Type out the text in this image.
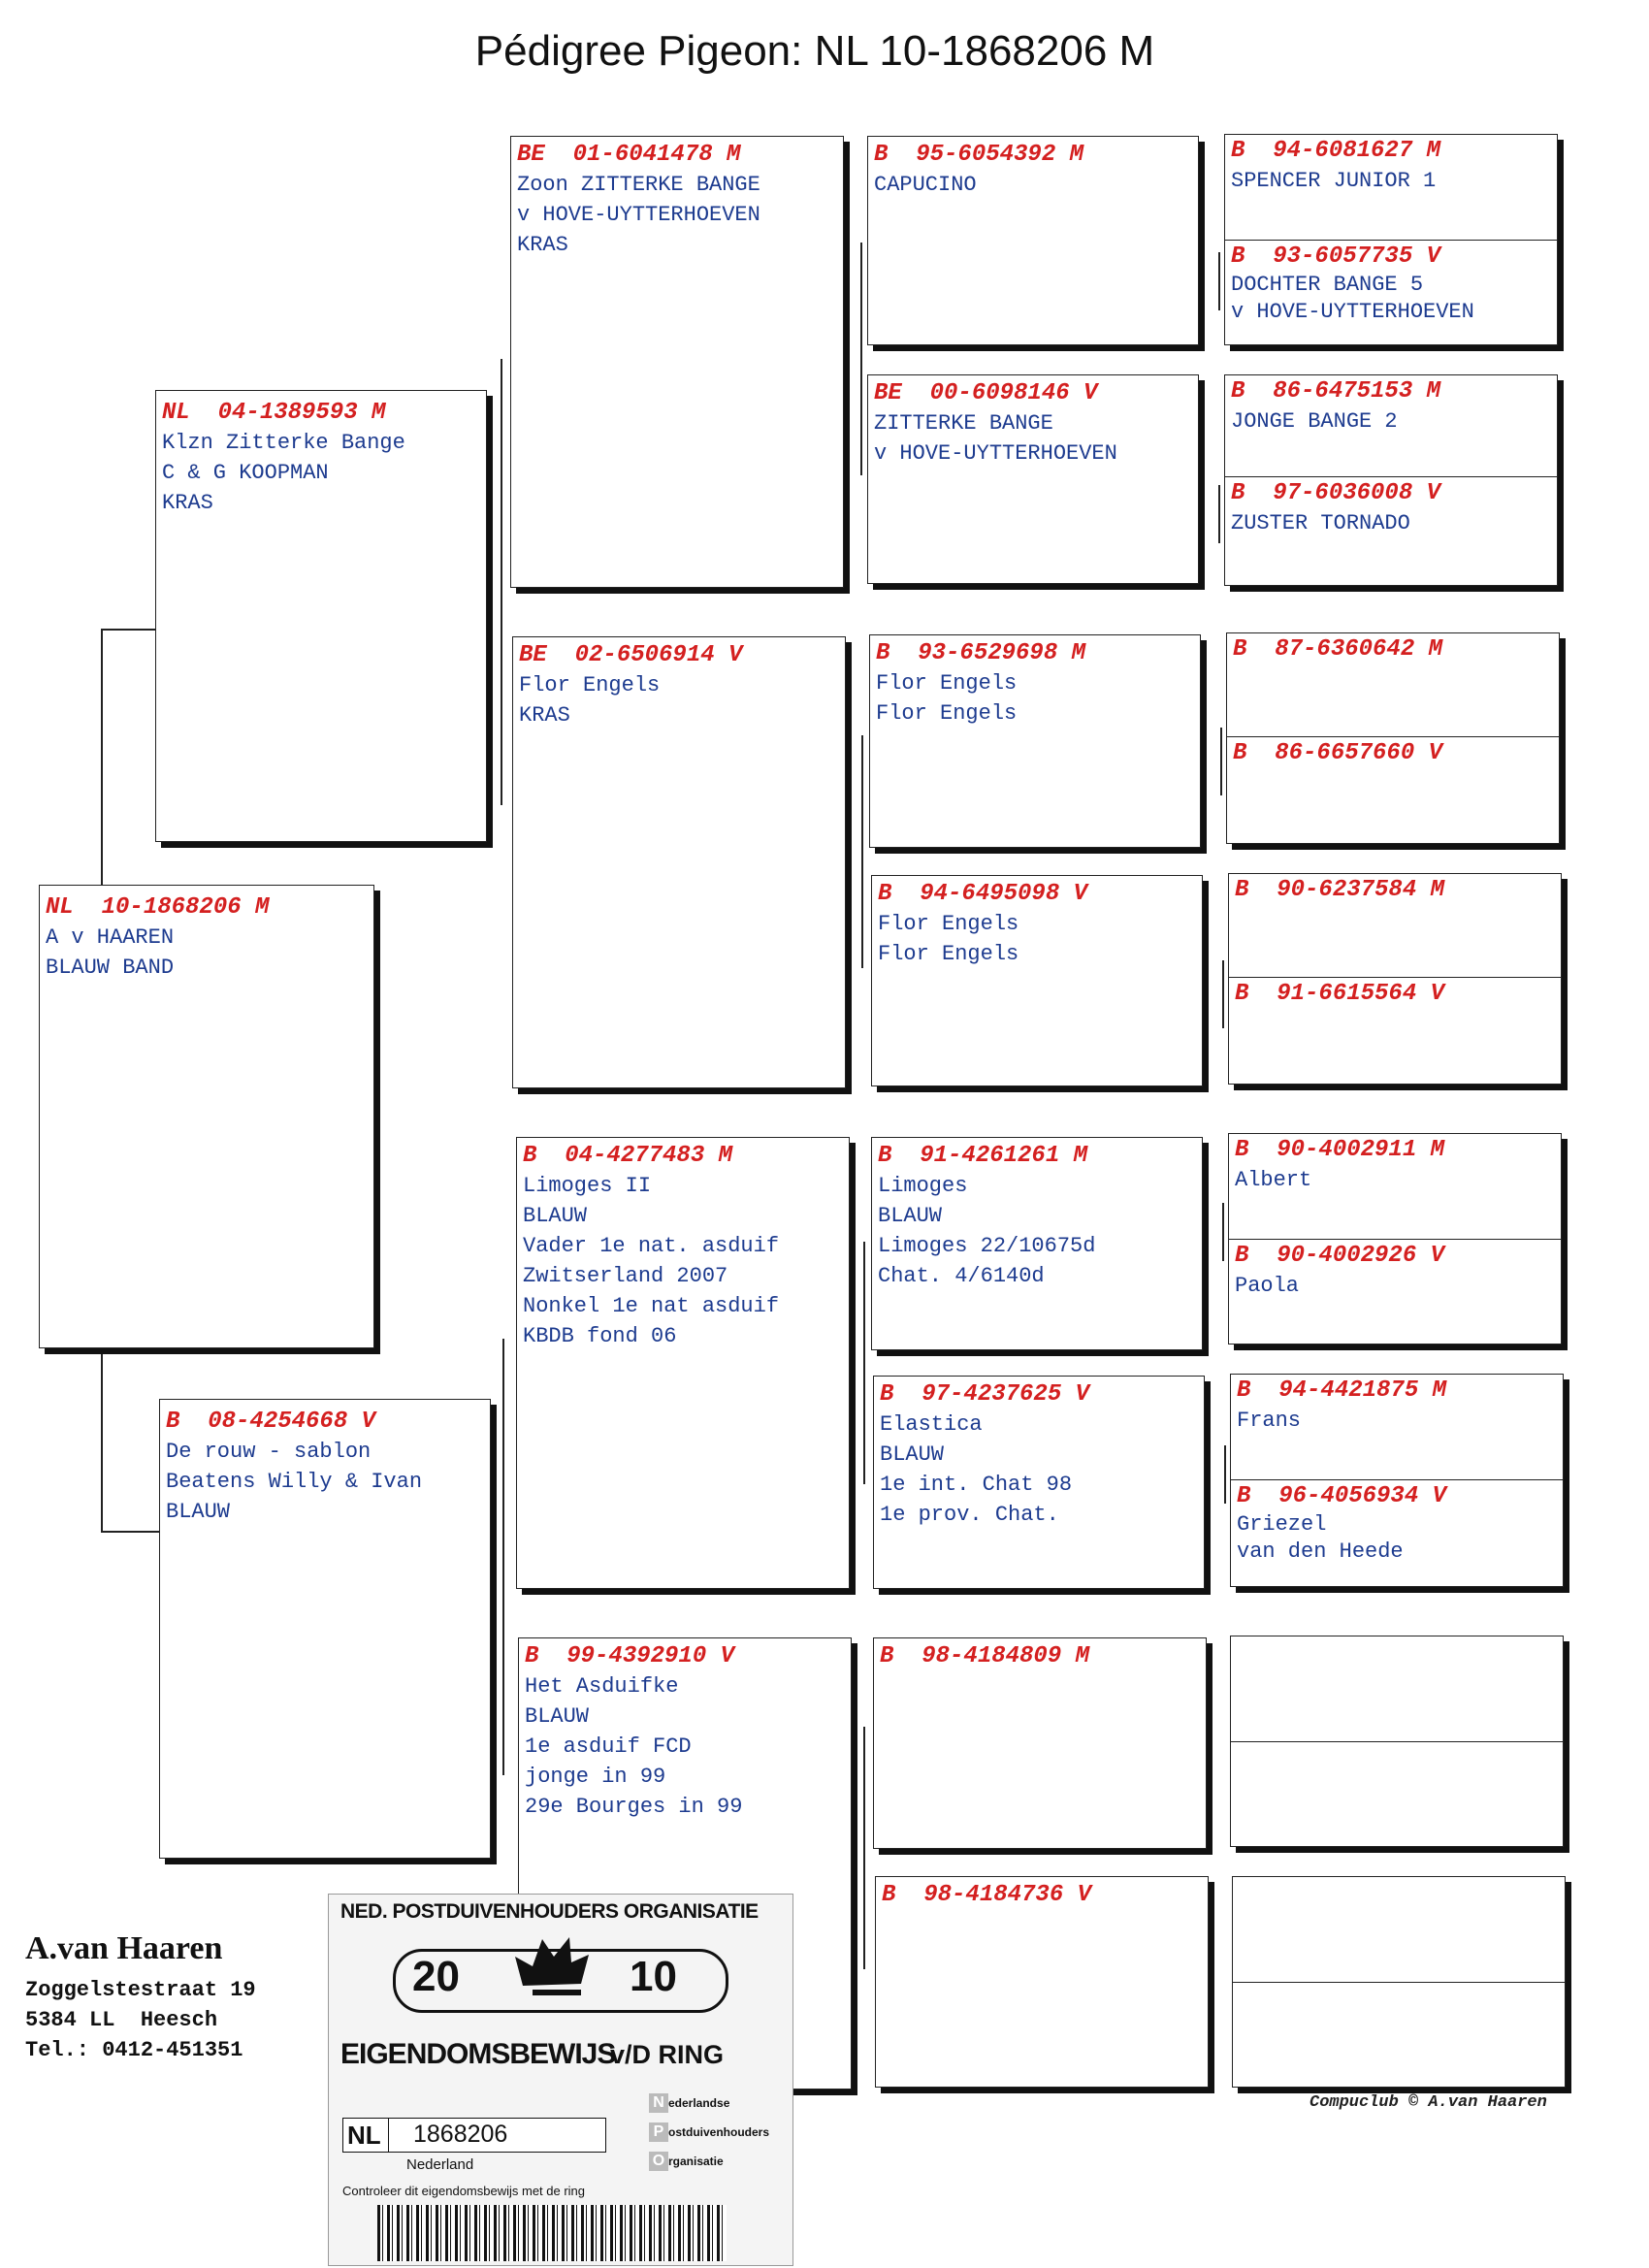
Pédigree Pigeon: NL 10-1868206 M
NL  10-1868206 M
A v HAAREN
BLAUW BAND
NL  04-1389593 M
Klzn Zitterke Bange
C & G KOOPMAN
KRAS
B  08-4254668 V
De rouw - sablon
Beatens Willy & Ivan
BLAUW
BE  01-6041478 M
Zoon ZITTERKE BANGE
v HOVE-UYTTERHOEVEN
KRAS
BE  02-6506914 V
Flor Engels
KRAS
B  04-4277483 M
Limoges II
BLAUW
Vader 1e nat. asduif
Zwitserland 2007
Nonkel 1e nat asduif
KBDB fond 06
B  99-4392910 V
Het Asduifke
BLAUW
1e asduif FCD
jonge in 99
29e Bourges in 99
B  95-6054392 M
CAPUCINO
BE  00-6098146 V
ZITTERKE BANGE
v HOVE-UYTTERHOEVEN
B  93-6529698 M
Flor Engels
Flor Engels
B  94-6495098 V
Flor Engels
Flor Engels
B  91-4261261 M
Limoges
BLAUW
Limoges 22/10675d
Chat. 4/6140d
B  97-4237625 V
Elastica
BLAUW
1e int. Chat 98
1e prov. Chat.
B  98-4184809 M
B  98-4184736 V
B  94-6081627 M
SPENCER JUNIOR 1
B  93-6057735 V
DOCHTER BANGE 5
v HOVE-UYTTERHOEVEN
B  86-6475153 M
JONGE BANGE 2
B  97-6036008 V
ZUSTER TORNADO
B  87-6360642 M
B  86-6657660 V
B  90-6237584 M
B  91-6615564 V
B  90-4002911 M
Albert
B  90-4002926 V
Paola
B  94-4421875 M
Frans
B  96-4056934 V
Griezel
van den Heede
A.van Haaren
Zoggelstestraat 19
5384 LL  Heesch
Tel.: 0412-451351
Compuclub © A.van Haaren
NED. POSTDUIVENHOUDERS ORGANISATIE
20	10
EIGENDOMSBEWIJS
v/D RING
NL 1868206
Nederland
N ederlandse
P ostduivenhouders
O rganisatie
Controleer dit eigendomsbewijs met de ring
